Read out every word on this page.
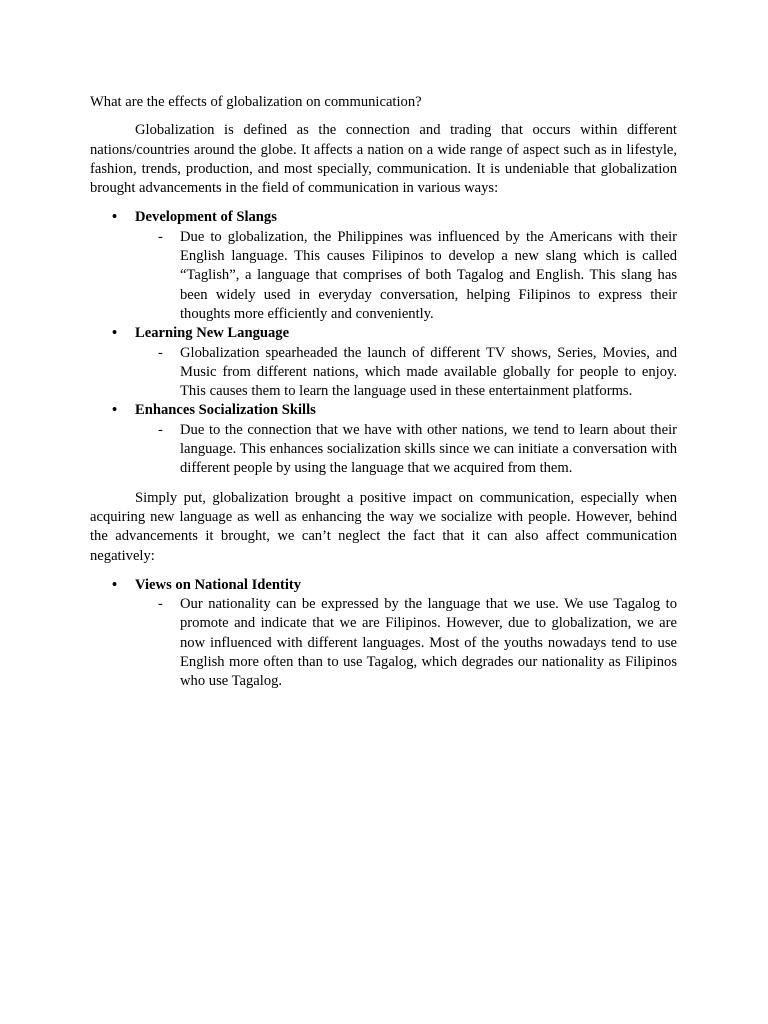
What are the effects of globalization on communication?

Globalization is defined as the connection and trading that occurs within different nations/countries around the globe. It affects a nation on a wide range of aspect such as in lifestyle, fashion, trends, production, and most specially, communication. It is undeniable that globalization brought advancements in the field of communication in various ways:

• Development of Slangs
- Due to globalization, the Philippines was influenced by the Americans with their English language. This causes Filipinos to develop a new slang which is called “Taglish”, a language that comprises of both Tagalog and English. This slang has been widely used in everyday conversation, helping Filipinos to express their thoughts more efficiently and conveniently.
• Learning New Language
- Globalization spearheaded the launch of different TV shows, Series, Movies, and Music from different nations, which made available globally for people to enjoy. This causes them to learn the language used in these entertainment platforms.
• Enhances Socialization Skills
- Due to the connection that we have with other nations, we tend to learn about their language. This enhances socialization skills since we can initiate a conversation with different people by using the language that we acquired from them.

Simply put, globalization brought a positive impact on communication, especially when acquiring new language as well as enhancing the way we socialize with people. However, behind the advancements it brought, we can’t neglect the fact that it can also affect communication negatively:

• Views on National Identity
- Our nationality can be expressed by the language that we use. We use Tagalog to promote and indicate that we are Filipinos. However, due to globalization, we are now influenced with different languages. Most of the youths nowadays tend to use English more often than to use Tagalog, which degrades our nationality as Filipinos who use Tagalog.
